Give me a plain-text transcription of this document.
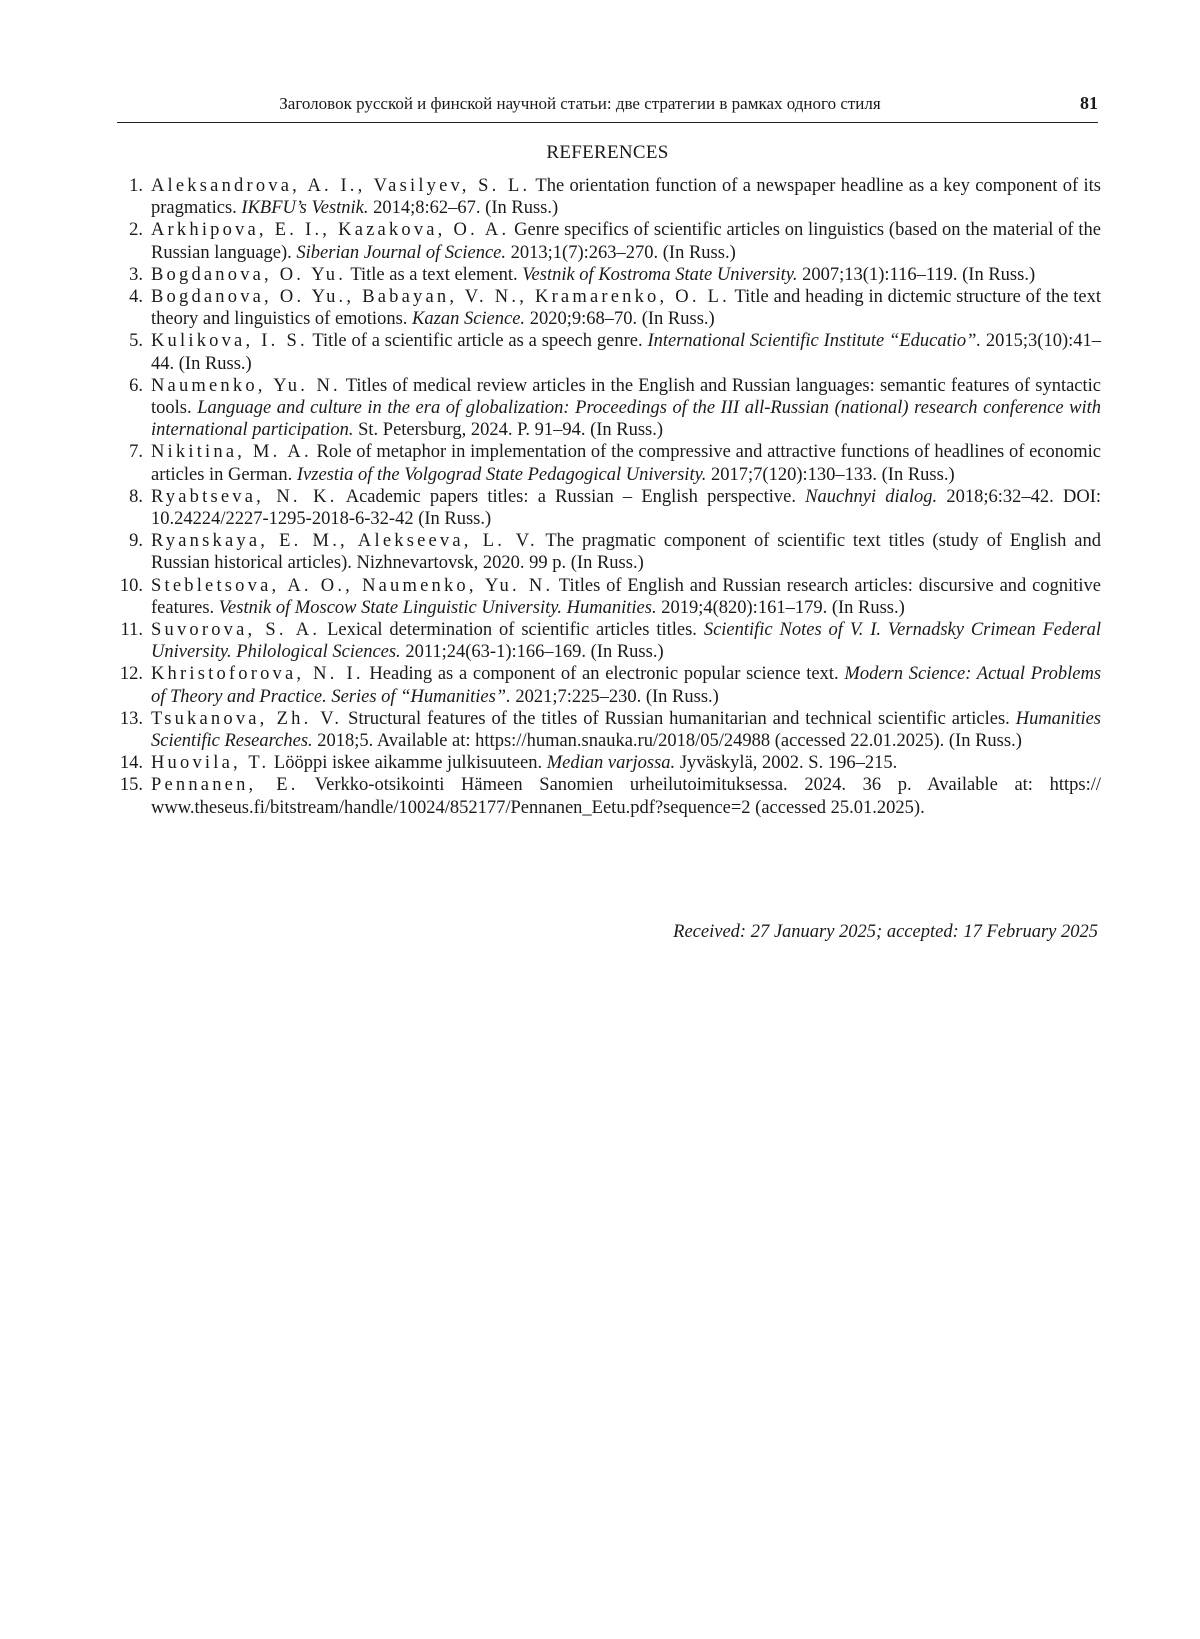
Заголовок русской и финской научной статьи: две стратегии в рамках одного стиля	81
REFERENCES
1. Aleksandrova, A. I., Vasilyev, S. L. The orientation function of a newspaper headline as a key component of its pragmatics. IKBFU’s Vestnik. 2014;8:62–67. (In Russ.)
2. Arkhipova, E. I., Kazakova, O. A. Genre specifics of scientific articles on linguistics (based on the material of the Russian language). Siberian Journal of Science. 2013;1(7):263–270. (In Russ.)
3. Bogdanova, O. Yu. Title as a text element. Vestnik of Kostroma State University. 2007;13(1):116–119. (In Russ.)
4. Bogdanova, O. Yu., Babayan, V. N., Kramarenko, O. L. Title and heading in dictemic structure of the text theory and linguistics of emotions. Kazan Science. 2020;9:68–70. (In Russ.)
5. Kulikova, I. S. Title of a scientific article as a speech genre. International Scientific Institute “Educatio”. 2015;3(10):41–44. (In Russ.)
6. Naumenko, Yu. N. Titles of medical review articles in the English and Russian languages: semantic features of syntactic tools. Language and culture in the era of globalization: Proceedings of the III all-Russian (national) research conference with international participation. St. Petersburg, 2024. P. 91–94. (In Russ.)
7. Nikitina, M. A. Role of metaphor in implementation of the compressive and attractive functions of headlines of economic articles in German. Ivzestia of the Volgograd State Pedagogical University. 2017;7(120):130–133. (In Russ.)
8. Ryabtseva, N. K. Academic papers titles: a Russian – English perspective. Nauchnyi dialog. 2018;6:32–42. DOI: 10.24224/2227-1295-2018-6-32-42 (In Russ.)
9. Ryanskaya, E. M., Alekseeva, L. V. The pragmatic component of scientific text titles (study of English and Russian historical articles). Nizhnevartovsk, 2020. 99 p. (In Russ.)
10. Stebletsova, A. O., Naumenko, Yu. N. Titles of English and Russian research articles: discursive and cognitive features. Vestnik of Moscow State Linguistic University. Humanities. 2019;4(820):161–179. (In Russ.)
11. Suvorova, S. A. Lexical determination of scientific articles titles. Scientific Notes of V. I. Vernadsky Crimean Federal University. Philological Sciences. 2011;24(63-1):166–169. (In Russ.)
12. Khristoforova, N. I. Heading as a component of an electronic popular science text. Modern Science: Actual Problems of Theory and Practice. Series of “Humanities”. 2021;7:225–230. (In Russ.)
13. Tsukanova, Zh. V. Structural features of the titles of Russian humanitarian and technical scientific articles. Humanities Scientific Researches. 2018;5. Available at: https://human.snauka.ru/2018/05/24988 (accessed 22.01.2025). (In Russ.)
14. Huovila, T. Lööppi iskee aikamme julkisuuteen. Median varjossa. Jyväskylä, 2002. S. 196–215.
15. Pennanen, E. Verkko-otsikointi Hämeen Sanomien urheilutoimituksessa. 2024. 36 p. Available at: https:// www.theseus.fi/bitstream/handle/10024/852177/Pennanen_Eetu.pdf?sequence=2 (accessed 25.01.2025).
Received: 27 January 2025; accepted: 17 February 2025
